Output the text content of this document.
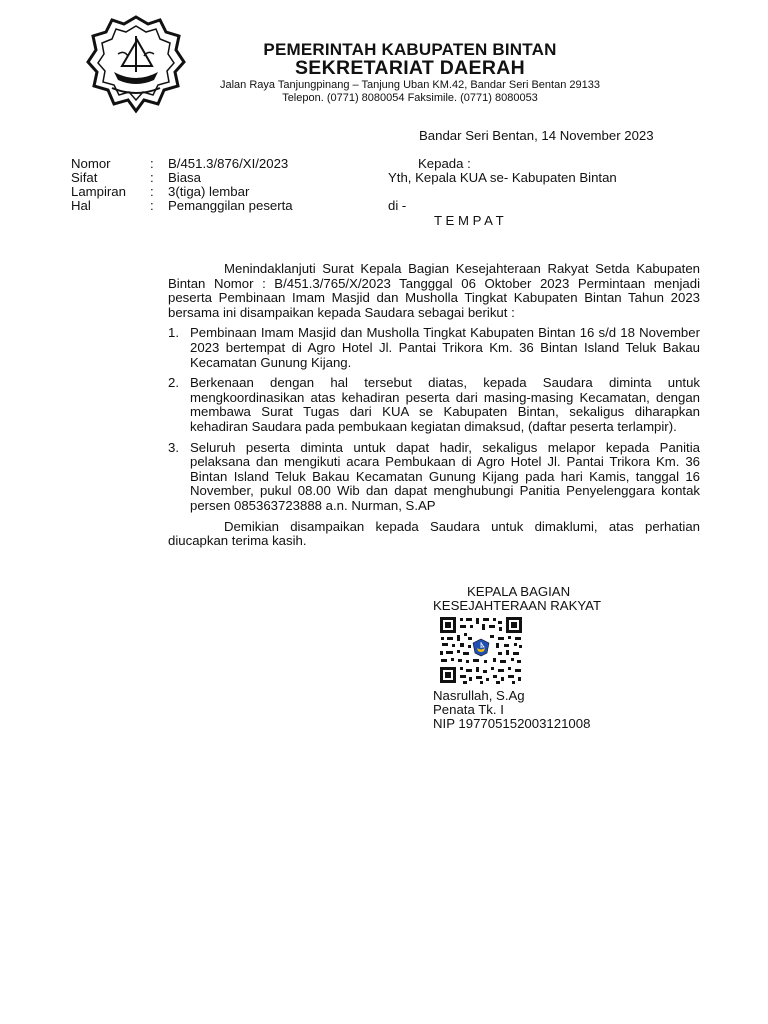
PEMERINTAH KABUPATEN BINTAN
SEKRETARIAT DAERAH
Jalan Raya Tanjungpinang – Tanjung Uban KM.42, Bandar Seri Bentan 29133
Telepon. (0771) 8080054 Faksimile. (0771) 8080053
Bandar Seri Bentan, 14 November 2023
Nomor	: B/451.3/876/XI/2023
Sifat	: Biasa
Lampiran : 3(tiga) lembar
Hal	: Pemanggilan peserta
Kepada :
Yth, Kepala KUA se- Kabupaten Bintan
di -
T E M P A T

Menindaklanjuti Surat Kepala Bagian Kesejahteraan Rakyat Setda Kabupaten Bintan Nomor : B/451.3/765/X/2023 Tangggal 06 Oktober 2023 Permintaan menjadi peserta Pembinaan Imam Masjid dan Musholla Tingkat Kabupaten Bintan Tahun 2023 bersama ini disampaikan kepada Saudara sebagai berikut :

1. Pembinaan Imam Masjid dan Musholla Tingkat Kabupaten Bintan 16 s/d 18 November 2023 bertempat di Agro Hotel Jl. Pantai Trikora Km. 36 Bintan Island Teluk Bakau Kecamatan Gunung Kijang.
2. Berkenaan dengan hal tersebut diatas, kepada Saudara diminta untuk mengkoordinasikan atas kehadiran peserta dari masing-masing Kecamatan, dengan membawa Surat Tugas dari KUA se Kabupaten Bintan, sekaligus diharapkan kehadiran Saudara pada pembukaan kegiatan dimaksud, (daftar peserta terlampir).
3. Seluruh peserta diminta untuk dapat hadir, sekaligus melapor kepada Panitia pelaksana dan mengikuti acara Pembukaan di Agro Hotel Jl. Pantai Trikora Km. 36 Bintan Island Teluk Bakau Kecamatan Gunung Kijang pada hari Kamis, tanggal 16 November, pukul 08.00 Wib dan dapat menghubungi Panitia Penyelenggara kontak persen 085363723888 a.n. Nurman, S.AP

Demikian disampaikan kepada Saudara untuk dimaklumi, atas perhatian diucapkan terima kasih.

KEPALA BAGIAN
KESEJAHTERAAN RAKYAT
Nasrullah, S.Ag
Penata Tk. I
NIP 197705152003121008
